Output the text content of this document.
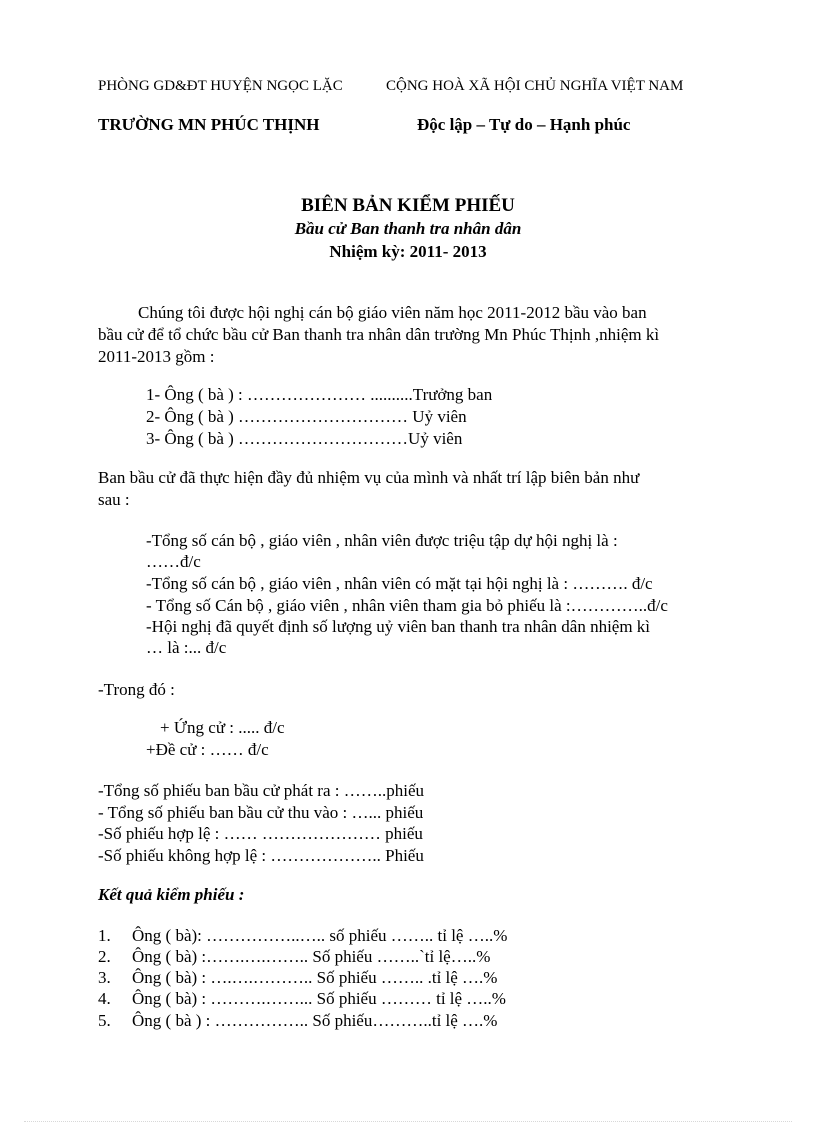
PHÒNG GD&ĐT HUYỆN NGỌC LẶC	CỘNG HOÀ XÃ HỘI CHỦ NGHĨA VIỆT NAM
TRƯỜNG MN PHÚC THỊNH	Độc lập – Tự do – Hạnh phúc
BIÊN BẢN KIỂM PHIẾU
Bầu cử Ban thanh tra nhân dân
Nhiệm kỳ: 2011- 2013
Chúng tôi được hội nghị cán bộ giáo viên năm học 2011-2012 bầu vào ban
bầu cử để tổ chức bầu cử Ban thanh tra nhân dân trường Mn Phúc Thịnh ,nhiệm kì
2011-2013 gồm :
1- Ông ( bà ) : ………………… ..........Trưởng ban
2- Ông ( bà ) ………………………… Uỷ viên
3- Ông ( bà ) …………………………Uỷ viên
Ban bầu cử đã thực hiện đầy đủ nhiệm vụ của mình và nhất trí lập biên bản như
sau :
-Tổng số cán bộ , giáo viên , nhân viên được triệu tập dự hội nghị là :
……đ/c
-Tổng số cán bộ , giáo viên , nhân viên có mặt tại hội nghị là : ………. đ/c
- Tổng số Cán bộ , giáo viên , nhân viên tham gia bỏ phiếu là :…………..đ/c
-Hội nghị đã quyết định số lượng uỷ viên ban thanh tra nhân dân nhiệm kì
… là :... đ/c
-Trong đó :
+ Ứng cử : ..... đ/c
+Đề cử : …… đ/c
-Tổng số phiếu ban bầu cử phát ra : ……..phiếu
- Tổng số phiếu ban bầu cử thu vào : …... phiếu
-Số phiếu hợp lệ : …… ………………… phiếu
-Số phiếu không hợp lệ : ……………….. Phiếu
Kết quả kiểm phiếu :
1. Ông ( bà): ……………..….. số phiếu …….. tỉ lệ …..%
2. Ông ( bà) :…….….…….. Số phiếu ……..`tỉ lệ…..%
3. Ông ( bà) : ….….……….. Số phiếu …….. .tỉ lệ ….%
4. Ông ( bà) : ……….……... Số phiếu ……… tỉ lệ …..%
5. Ông ( bà ) : …………….. Số phiếu………..tỉ lệ ….%
